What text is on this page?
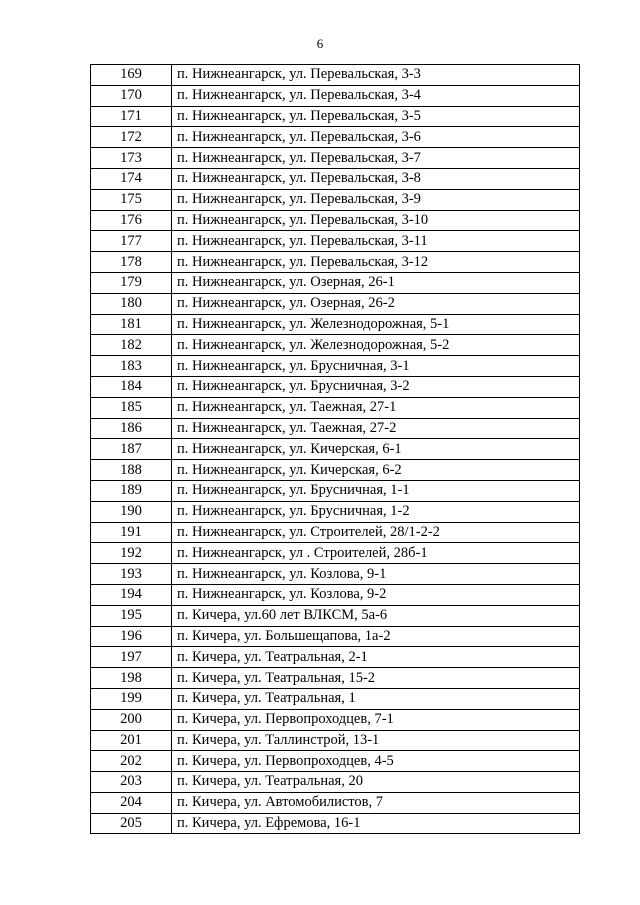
6
169	п. Нижнеангарск, ул. Перевальская, 3-3
170	п. Нижнеангарск, ул. Перевальская, 3-4
171	п. Нижнеангарск, ул. Перевальская, 3-5
172	п. Нижнеангарск, ул. Перевальская, 3-6
173	п. Нижнеангарск, ул. Перевальская, 3-7
174	п. Нижнеангарск, ул. Перевальская, 3-8
175	п. Нижнеангарск, ул. Перевальская, 3-9
176	п. Нижнеангарск, ул. Перевальская, 3-10
177	п. Нижнеангарск, ул. Перевальская, 3-11
178	п. Нижнеангарск, ул. Перевальская, 3-12
179	п. Нижнеангарск, ул. Озерная, 26-1
180	п. Нижнеангарск, ул. Озерная, 26-2
181	п. Нижнеангарск, ул. Железнодорожная, 5-1
182	п. Нижнеангарск, ул. Железнодорожная, 5-2
183	п. Нижнеангарск, ул. Брусничная, 3-1
184	п. Нижнеангарск, ул. Брусничная, 3-2
185	п. Нижнеангарск, ул. Таежная, 27-1
186	п. Нижнеангарск, ул. Таежная, 27-2
187	п. Нижнеангарск, ул. Кичерская, 6-1
188	п. Нижнеангарск, ул. Кичерская, 6-2
189	п. Нижнеангарск, ул. Брусничная, 1-1
190	п. Нижнеангарск, ул. Брусничная, 1-2
191	п. Нижнеангарск, ул. Строителей, 28/1-2-2
192	п. Нижнеангарск, ул . Строителей, 28б-1
193	п. Нижнеангарск, ул. Козлова, 9-1
194	п. Нижнеангарск, ул. Козлова, 9-2
195	п. Кичера, ул.60 лет ВЛКСМ, 5а-6
196	п. Кичера, ул. Большещапова, 1а-2
197	п. Кичера, ул. Театральная, 2-1
198	п. Кичера, ул. Театральная, 15-2
199	п. Кичера, ул. Театральная, 1
200	п. Кичера, ул. Первопроходцев, 7-1
201	п. Кичера, ул. Таллинстрой, 13-1
202	п. Кичера, ул. Первопроходцев, 4-5
203	п. Кичера, ул. Театральная, 20
204	п. Кичера, ул. Автомобилистов, 7
205	п. Кичера, ул. Ефремова, 16-1
